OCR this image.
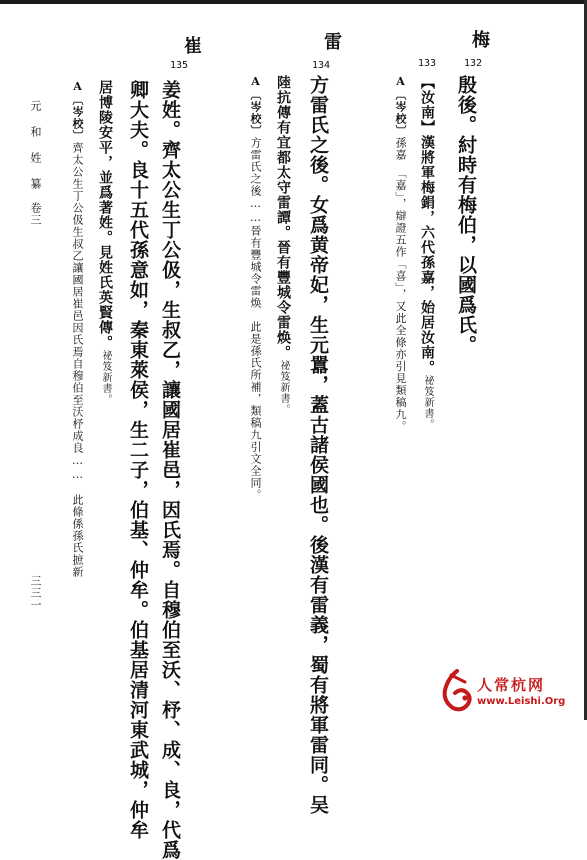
梅
132
殷後。紂時有梅伯，以國爲氏。
133
【汝南】漢將軍梅鋗，六代孫嘉，始居汝南。祕笈新書。
A〔岑校〕孫嘉　「嘉」，辯證五作「喜」，又此全條亦引見類稿九。
雷
134
方雷氏之後。女爲黄帝妃，生元囂，蓋古諸侯國也。後漢有雷義，蜀有將軍雷同。吴
陸抗傳有宜都太守雷譚。晉有豐城令雷焕。祕笈新書。
A〔岑校〕方雷氏之後……晉有豐城令雷焕　此是孫氏所補，類稿九引文全同。
崔
135
姜姓。齊太公生丁公伋，生叔乙，讓國居崔邑，因氏焉。自穆伯至沃、杼、成、良，代爲
卿大夫。良十五代孫意如，秦東萊侯，生二子，伯基、仲牟。伯基居清河東武城，仲牟
居博陵安平，並爲著姓。見姓氏英賢傳。祕笈新書。
A〔岑校〕齊太公生丁公伋生叔乙讓國居崔邑因氏焉自穆伯至沃杼成良……　此條係孫氏摭新
元 和 姓 纂　卷三
三三一
人常杭网
www.Leishi.Org
